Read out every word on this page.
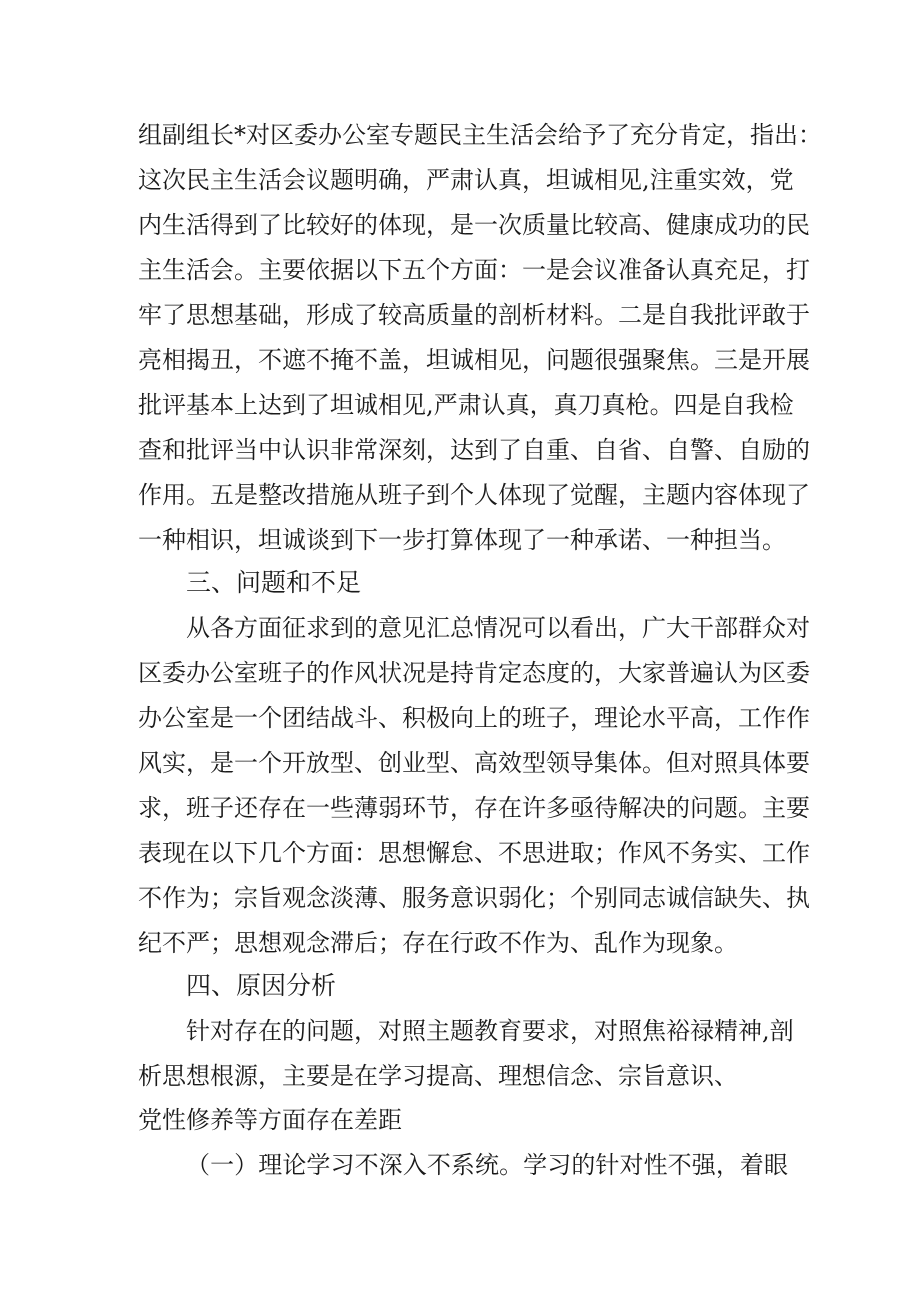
组副组长*对区委办公室专题民主生活会给予了充分肯定，指出：
这次民主生活会议题明确，严肃认真，坦诚相见,注重实效，党
内生活得到了比较好的体现，是一次质量比较高、健康成功的民
主生活会。主要依据以下五个方面：一是会议准备认真充足，打
牢了思想基础，形成了较高质量的剖析材料。二是自我批评敢于
亮相揭丑，不遮不掩不盖，坦诚相见，问题很强聚焦。三是开展
批评基本上达到了坦诚相见,严肃认真，真刀真枪。四是自我检
查和批评当中认识非常深刻，达到了自重、自省、自警、自励的
作用。五是整改措施从班子到个人体现了觉醒，主题内容体现了
一种相识，坦诚谈到下一步打算体现了一种承诺、一种担当。
三、问题和不足
从各方面征求到的意见汇总情况可以看出，广大干部群众对
区委办公室班子的作风状况是持肯定态度的，大家普遍认为区委
办公室是一个团结战斗、积极向上的班子，理论水平高，工作作
风实，是一个开放型、创业型、高效型领导集体。但对照具体要
求，班子还存在一些薄弱环节，存在许多亟待解决的问题。主要
表现在以下几个方面：思想懈怠、不思进取；作风不务实、工作
不作为；宗旨观念淡薄、服务意识弱化；个别同志诚信缺失、执
纪不严；思想观念滞后；存在行政不作为、乱作为现象。
四、原因分析
针对存在的问题，对照主题教育要求，对照焦裕禄精神,剖
析思想根源，主要是在学习提高、理想信念、宗旨意识、
党性修养等方面存在差距
（一）理论学习不深入不系统。学习的针对性不强，着眼
